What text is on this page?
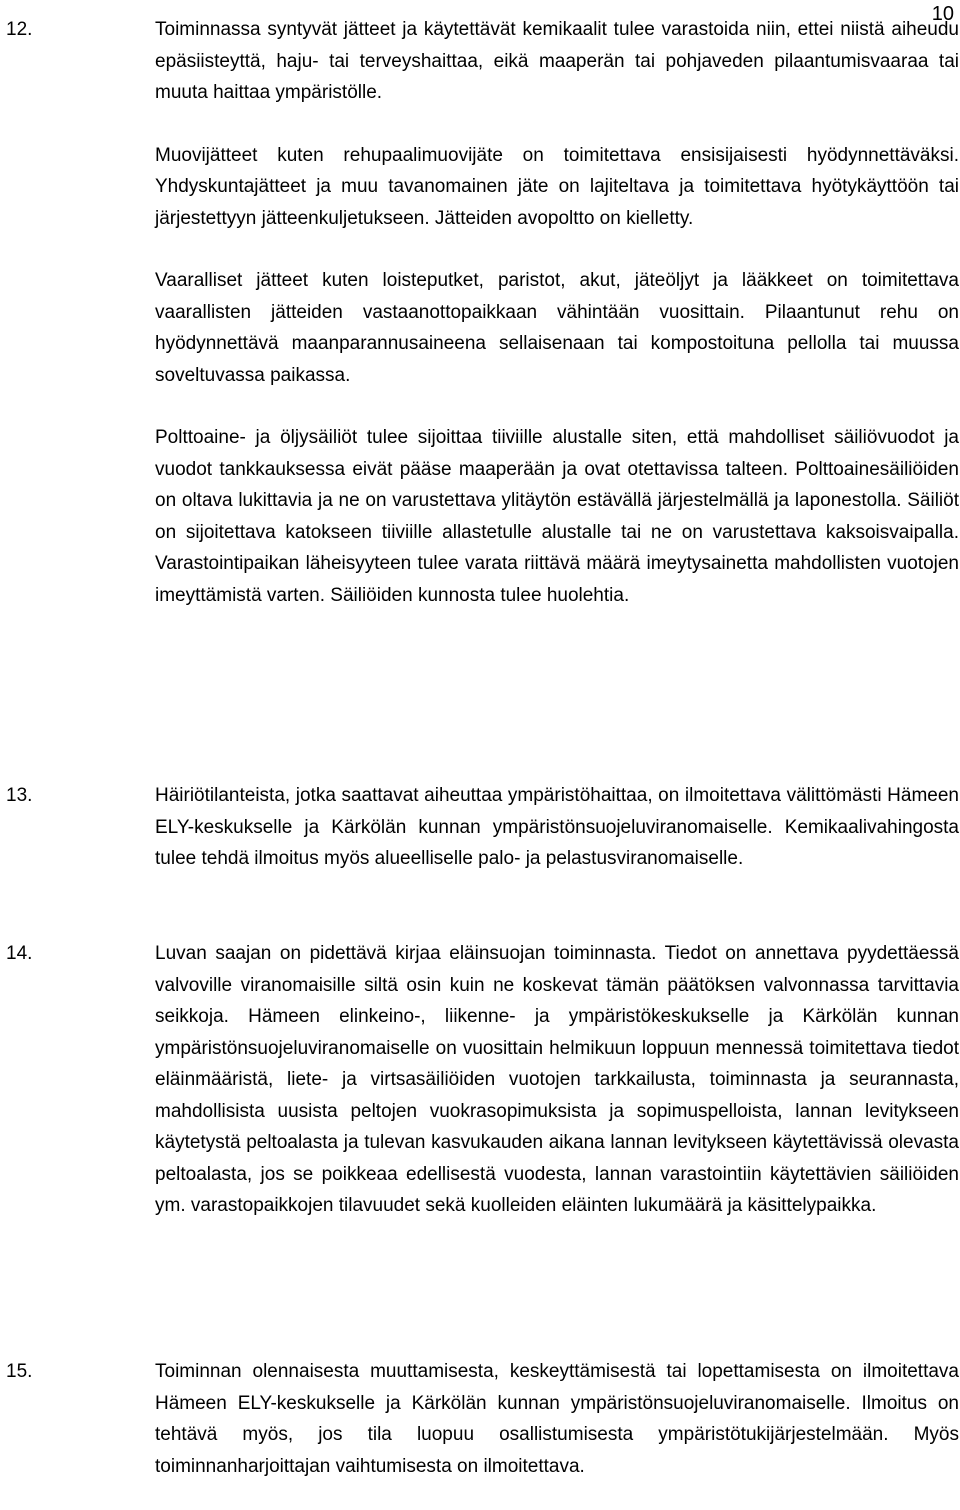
10
12.	Toiminnassa syntyvät jätteet ja käytettävät kemikaalit tulee varastoida niin, ettei niistä aiheudu epäsiisteyttä, haju- tai terveyshaittaa, eikä maaperän tai pohjaveden pilaantumisvaaraa tai muuta haittaa ympäristölle.

Muovijätteet kuten rehupaalimuovijäte on toimitettava ensisijaisesti hyödynnettäväksi. Yhdyskuntajätteet ja muu tavanomainen jäte on lajiteltava ja toimitettava hyötykäyttöön tai järjestettyyn jätteenkuljetukseen. Jätteiden avopoltto on kielletty.

Vaaralliset jätteet kuten loisteputket, paristot, akut, jäteöljyt ja lääkkeet on toimitettava vaarallisten jätteiden vastaanottopaikkaan vähintään vuosittain. Pilaantunut rehu on hyödynnettävä maanparannusaineena sellaisenaan tai kompostoituna pellolla tai muussa soveltuvassa paikassa.

Polttoaine- ja öljysäiliöt tulee sijoittaa tiiviille alustalle siten, että mahdolliset säiliövuodot ja vuodot tankkauksessa eivät pääse maaperään ja ovat otettavissa talteen. Polttoainesäiliöiden on oltava lukittavia ja ne on varustettava ylitäytön estävällä järjestelmällä ja laponestolla. Säiliöt on sijoitettava katokseen tiiviille allastetulle alustalle tai ne on varustettava kaksoisvaipalla. Varastointipaikan läheisyyteen tulee varata riittävä määrä imeytysainetta mahdollisten vuotojen imeyttämistä varten. Säiliöiden kunnosta tulee huolehtia.

13.	Häiriötilanteista, jotka saattavat aiheuttaa ympäristöhaittaa, on ilmoitettava välittömästi Hämeen ELY-keskukselle ja Kärkölän kunnan ympäristönsuojeluviranomaiselle. Kemikaalivahingosta tulee tehdä ilmoitus myös alueelliselle palo- ja pelastusviranomaiselle.

14.	Luvan saajan on pidettävä kirjaa eläinsuojan toiminnasta. Tiedot on annettava pyydettäessä valvoville viranomaisille siltä osin kuin ne koskevat tämän päätöksen valvonnassa tarvittavia seikkoja. Hämeen elinkeino-, liikenne- ja ympäristökeskukselle ja Kärkölän kunnan ympäristönsuojeluviranomaiselle on vuosittain helmikuun loppuun mennessä toimitettava tiedot eläinmääristä, liete- ja virtsasäiliöiden vuotojen tarkkailusta, toiminnasta ja seurannasta, mahdollisista uusista peltojen vuokrasopimuksista ja sopimuspelloista, lannan levitykseen käytetystä peltoalasta ja tulevan kasvukauden aikana lannan levitykseen käytettävissä olevasta peltoalasta, jos se poikkeaa edellisestä vuodesta, lannan varastointiin käytettävien säiliöiden ym. varastopaikkojen tilavuudet sekä kuolleiden eläinten lukumäärä ja käsittelypaikka.

15.	Toiminnan olennaisesta muuttamisesta, keskeyttämisestä tai lopettamisesta on ilmoitettava Hämeen ELY-keskukselle ja Kärkölän kunnan ympäristönsuojeluviranomaiselle. Ilmoitus on tehtävä myös, jos tila luopuu osallistumisesta ympäristötukijärjestelmään. Myös toiminnanharjoittajan vaihtumisesta on ilmoitettava.
